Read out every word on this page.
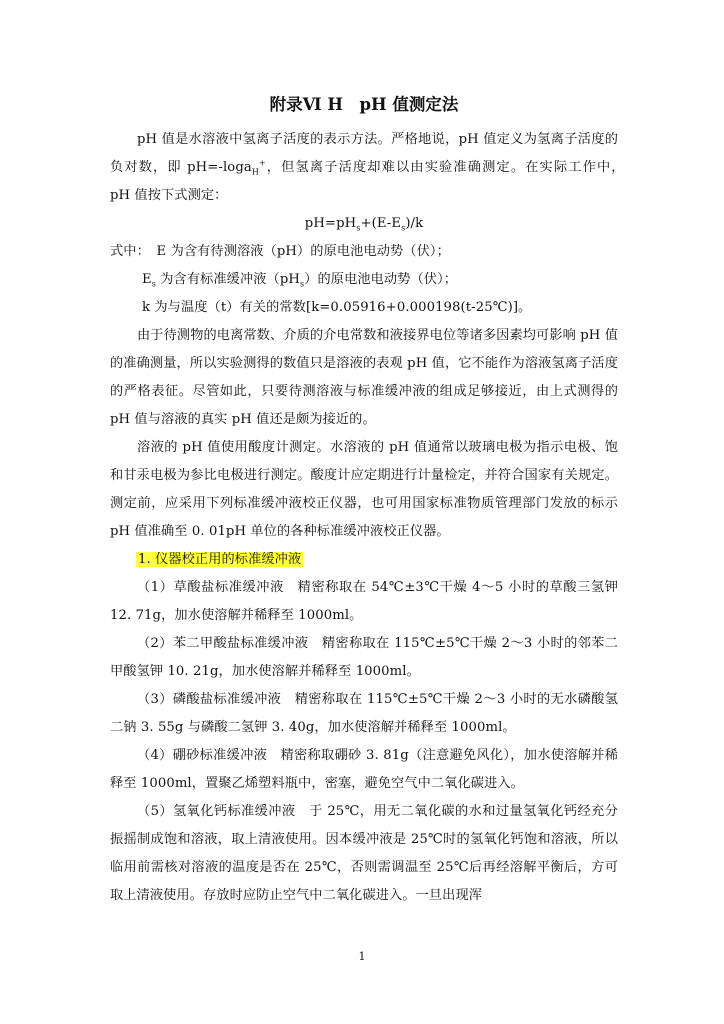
附录Ⅵ H　pH 值测定法

pH 值是水溶液中氢离子活度的表示方法。严格地说，pH 值定义为氢离子活度的负对数，即 pH=-loga$_H$+，但氢离子活度却难以由实验准确测定。在实际工作中，　pH 值按下式测定：

$pH=pH_s+(E-E_s)/k$

式中：　E 为含有待测溶液（pH）的原电池电动势（伏）；

$E_s$ 为含有标准缓冲液$(pH_s)$的原电池电动势（伏）；

k 为与温度（t）有关的常数[k=0.05916+0.000198(t-25℃)]。

由于待测物的电离常数、介质的介电常数和液接界电位等诸多因素均可影响 pH 值的准确测量，所以实验测得的数值只是溶液的表观 pH 值，它不能作为溶液氢离子活度的严格表征。尽管如此，只要待测溶液与标准缓冲液的组成足够接近，由上式测得的 pH 值与溶液的真实 pH 值还是颇为接近的。

溶液的 pH 值使用酸度计测定。水溶液的 pH 值通常以玻璃电极为指示电极、饱和甘汞电极为参比电极进行测定。酸度计应定期进行计量检定，并符合国家有关规定。测定前，应采用下列标准缓冲液校正仪器，也可用国家标准物质管理部门发放的标示 pH 值准确至 0. 01pH 单位的各种标准缓冲液校正仪器。

1. 仪器校正用的标准缓冲液

（1）草酸盐标准缓冲液　精密称取在 54℃±3℃干燥 4～5 小时的草酸三氢钾 12. 71g，加水使溶解并稀释至 1000ml。

（2）苯二甲酸盐标准缓冲液　精密称取在 115℃±5℃干燥 2～3 小时的邻苯二甲酸氢钾 10. 21g，加水使溶解并稀释至 1000ml。

（3）磷酸盐标准缓冲液　精密称取在 115℃±5℃干燥 2～3 小时的无水磷酸氢二钠 3. 55g 与磷酸二氢钾 3. 40g，加水使溶解并稀释至 1000ml。

（4）硼砂标准缓冲液　精密称取硼砂 3. 81g（注意避免风化），加水使溶解并稀释至 1000ml，置聚乙烯塑料瓶中，密塞，避免空气中二氧化碳进入。

（5）氢氧化钙标准缓冲液　于 25℃，用无二氧化碳的水和过量氢氧化钙经充分振摇制成饱和溶液，取上清液使用。因本缓冲液是 25℃时的氢氧化钙饱和溶液，所以临用前需核对溶液的温度是否在 25℃，否则需调温至 25℃后再经溶解平衡后，方可取上清液使用。存放时应防止空气中二氧化碳进入。一旦出现浑

1
